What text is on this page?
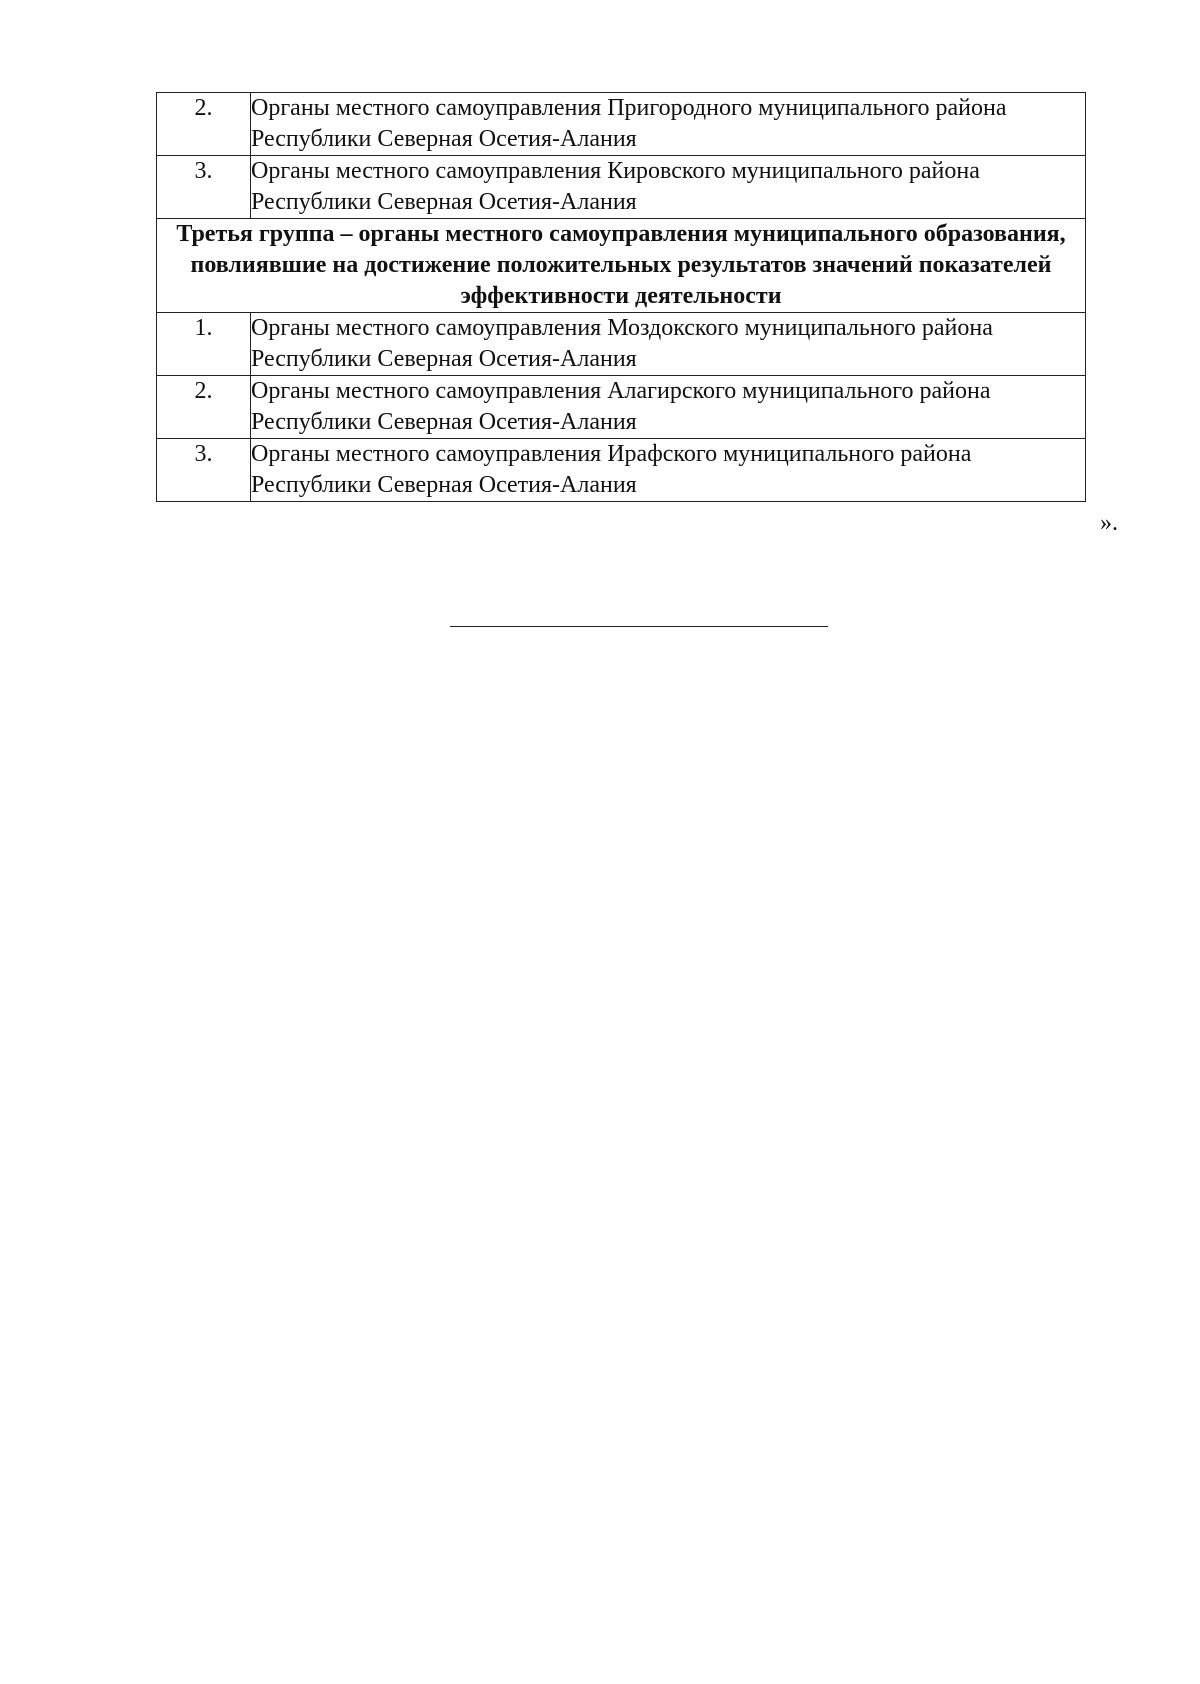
2.	Органы местного самоуправления Пригородного муниципального района Республики Северная Осетия-Алания
3.	Органы местного самоуправления Кировского муниципального района Республики Северная Осетия-Алания
Третья группа – органы местного самоуправления муниципального образования, повлиявшие на достижение положительных результатов значений показателей эффективности деятельности	
1.	Органы местного самоуправления Моздокского муниципального района Республики Северная Осетия-Алания
2.	Органы местного самоуправления Алагирского муниципального района Республики Северная Осетия-Алания
3.	Органы местного самоуправления Ирафского муниципального района Республики Северная Осетия-Алания
».
